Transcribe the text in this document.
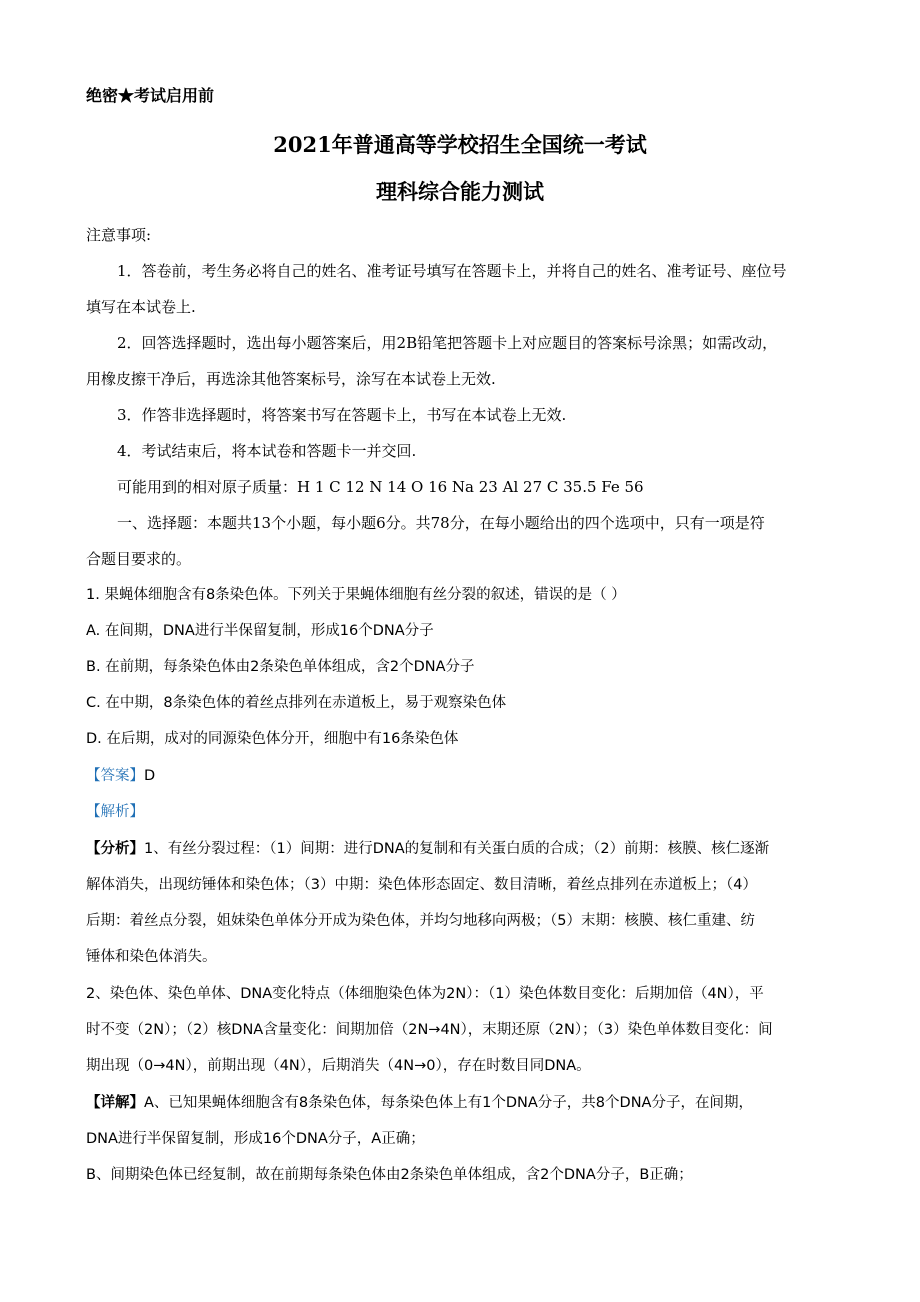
绝密★考试启用前
2021年普通高等学校招生全国统一考试
理科综合能力测试
注意事项:
1．答卷前，考生务必将自己的姓名、准考证号填写在答题卡上，并将自己的姓名、准考证号、座位号
填写在本试卷上.
2．回答选择题时，选出每小题答案后，用2B铅笔把答题卡上对应题目的答案标号涂黑；如需改动，
用橡皮擦干净后，再选涂其他答案标号，涂写在本试卷上无效.
3．作答非选择题时，将答案书写在答题卡上，书写在本试卷上无效.
4．考试结束后，将本试卷和答题卡一并交回.
可能用到的相对原子质量：H 1 C 12 N 14 O 16 Na 23 Al 27 C 35.5 Fe 56
一、选择题：本题共13个小题，每小题6分。共78分，在每小题给出的四个选项中，只有一项是符
合题目要求的。
1. 果蝇体细胞含有8条染色体。下列关于果蝇体细胞有丝分裂的叙述，错误的是（ ）
A. 在间期，DNA进行半保留复制，形成16个DNA分子
B. 在前期，每条染色体由2条染色单体组成，含2个DNA分子
C. 在中期，8条染色体的着丝点排列在赤道板上，易于观察染色体
D. 在后期，成对的同源染色体分开，细胞中有16条染色体
【答案】D
【解析】
【分析】1、有丝分裂过程：（1）间期：进行DNA的复制和有关蛋白质的合成；（2）前期：核膜、核仁逐渐
解体消失，出现纺锤体和染色体；（3）中期：染色体形态固定、数目清晰，着丝点排列在赤道板上；（4）
后期：着丝点分裂，姐妹染色单体分开成为染色体，并均匀地移向两极；（5）末期：核膜、核仁重建、纺
锤体和染色体消失。
2、染色体、染色单体、DNA变化特点（体细胞染色体为2N）：（1）染色体数目变化：后期加倍（4N），平
时不变（2N）；（2）核DNA含量变化：间期加倍（2N→4N），末期还原（2N）；（3）染色单体数目变化：间
期出现（0→4N），前期出现（4N），后期消失（4N→0），存在时数目同DNA。
【详解】A、已知果蝇体细胞含有8条染色体，每条染色体上有1个DNA分子，共8个DNA分子，在间期，
DNA进行半保留复制，形成16个DNA分子，A正确；
B、间期染色体已经复制，故在前期每条染色体由2条染色单体组成，含2个DNA分子，B正确；
